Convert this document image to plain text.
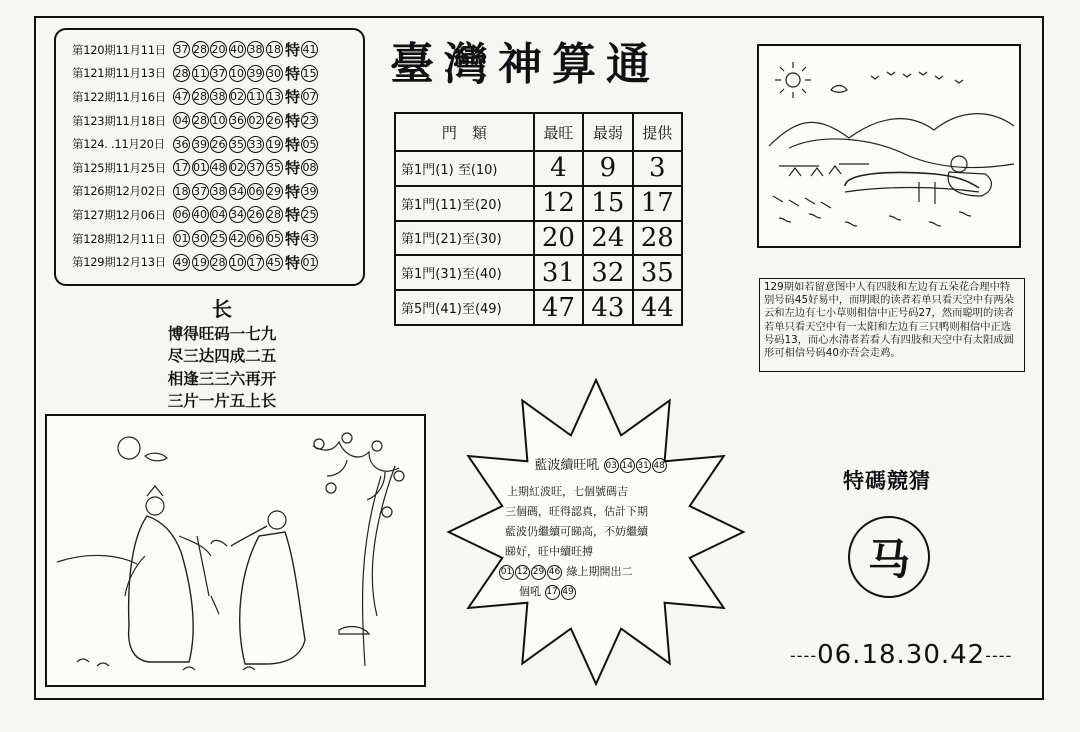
第120期11月11日 37 28 20 40 38 18 特 41
第121期11月13日 28 11 37 10 39 30 特 15
第122期11月16日 47 28 38 02 11 13 特 07
第123期11月18日 04 28 10 36 02 26 特 23
第124. .11月20日 36 39 26 35 33 19 特 05
第125期11月25日 17 01 48 02 37 35 特 08
第126期12月02日 18 37 38 34 06 29 特 39
第127期12月06日 06 40 04 34 26 28 特 25
第128期12月11日 01 30 25 42 06 05 特 43
第129期12月13日 49 19 28 10 17 45 特 01
臺灣神算通
門　類	最旺	最弱	提供
第1門(1) 至(10)	4	9	3
第1門(11)至(20)	12	15	17
第1門(21)至(30)	20	24	28
第1門(31)至(40)	31	32	35
第5門(41)至(49)	47	43	44
长
博得旺码一七九
尽三达四成二五
相逢三三六再开
三片一片五上长
129期如若留意图中人有四肢和左边有五朵花合理中特别号码45好易中，而明眼的读者若单只看天空中有两朵云和左边有七小草则相信中正号码27，然而聪明的读者若单只看天空中有一太阳和左边有三只鸭则相信中正选号码13，而心水清者若看人有四肢和天空中有太阳成圆形可相信号码40亦吾会走鸡。
藍波續旺吼 03 14 31 48
上期紅波旺，七個號碼吉
三個碼，旺得認真，估計下期
藍波仍繼續可睇高，不妨繼續
睇好，旺中續旺搏
01 12 29 46 綠上期開出二
個吼 17 49
特碼競猜
马
----06.18.30.42----
